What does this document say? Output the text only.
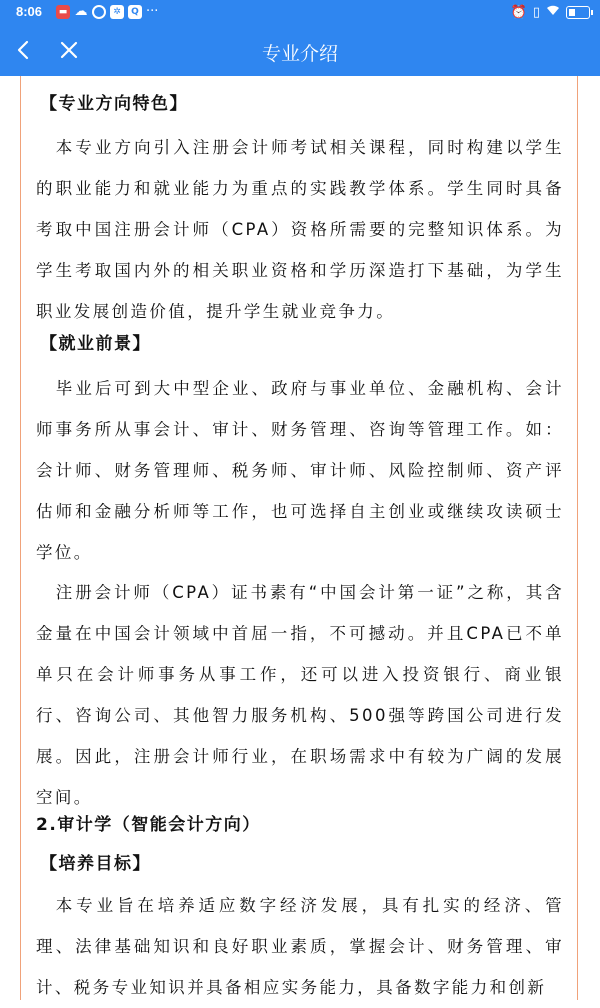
8:06	▬ ☁	✲	Q ···	⏰ ▯
专业介绍
【专业方向特色】

本专业方向引入注册会计师考试相关课程，同时构建以学生的职业能力和就业能力为重点的实践教学体系。学生同时具备考取中国注册会计师（CPA）资格所需要的完整知识体系。为学生考取国内外的相关职业资格和学历深造打下基础，为学生职业发展创造价值，提升学生就业竞争力。

【就业前景】

毕业后可到大中型企业、政府与事业单位、金融机构、会计师事务所从事会计、审计、财务管理、咨询等管理工作。如：会计师、财务管理师、税务师、审计师、风险控制师、资产评估师和金融分析师等工作，也可选择自主创业或继续攻读硕士学位。

注册会计师（CPA）证书素有“中国会计第一证”之称，其含金量在中国会计领域中首屈一指，不可撼动。并且CPA已不单单只在会计师事务从事工作，还可以进入投资银行、商业银行、咨询公司、其他智力服务机构、500强等跨国公司进行发展。因此，注册会计师行业，在职场需求中有较为广阔的发展空间。

2.审计学（智能会计方向）
【培养目标】

本专业旨在培养适应数字经济发展，具有扎实的经济、管理、法律基础知识和良好职业素质，掌握会计、财务管理、审计、税务专业知识并具备相应实务能力，具备数字能力和创新
